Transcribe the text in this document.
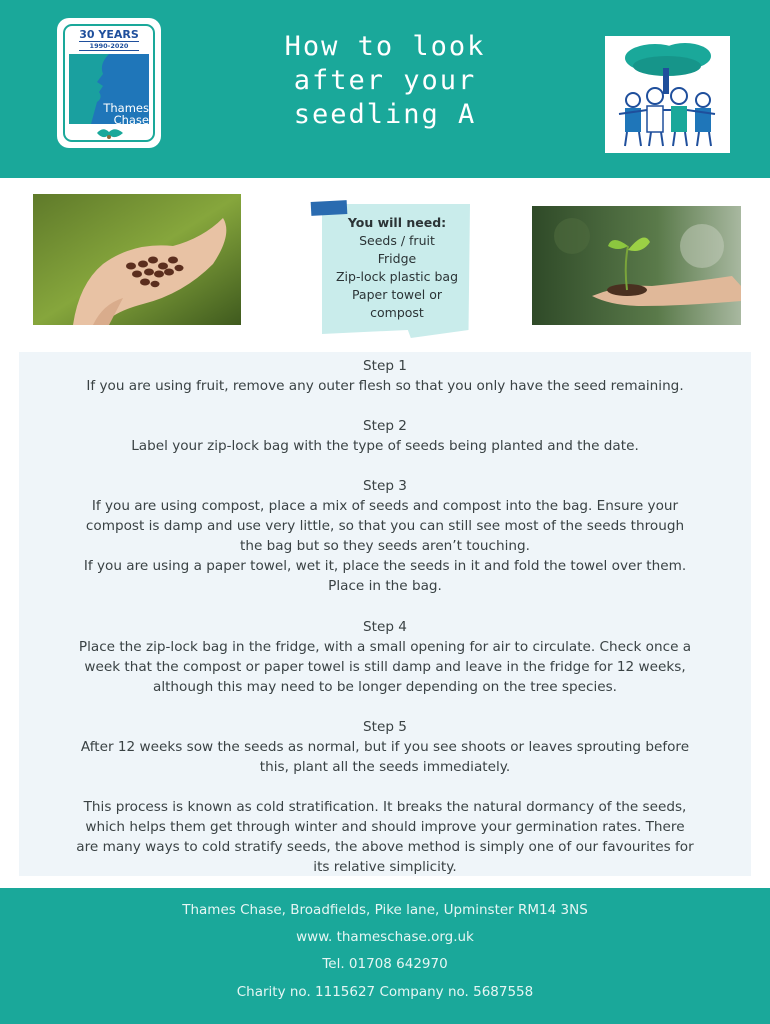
30 YEARS
1990-2020
Thames
Chase
How to look
after your
seedling A
You will need:
Seeds / fruit
Fridge
Zip-lock plastic bag
Paper towel or
compost
Step 1
If you are using fruit, remove any outer flesh so that you only have the seed remaining.
Step 2
Label your zip-lock bag with the type of seeds being planted and the date.
Step 3
If you are using compost, place a mix of seeds and compost into the bag. Ensure your
compost is damp and use very little, so that you can still see most of the seeds through
the bag but so they seeds aren’t touching.
If you are using a paper towel, wet it, place the seeds in it and fold the towel over them.
Place in the bag.
Step 4
Place the zip-lock bag in the fridge, with a small opening for air to circulate. Check once a
week that the compost or paper towel is still damp and leave in the fridge for 12 weeks,
although this may need to be longer depending on the tree species.
Step 5
After 12 weeks sow the seeds as normal, but if you see shoots or leaves sprouting before
this, plant all the seeds immediately.
This process is known as cold stratification. It breaks the natural dormancy of the seeds,
which helps them get through winter and should improve your germination rates. There
are many ways to cold stratify seeds, the above method is simply one of our favourites for
its relative simplicity.
Thames Chase, Broadfields, Pike lane, Upminster RM14 3NS
www. thameschase.org.uk
Tel. 01708 642970
Charity no. 1115627 Company no. 5687558
